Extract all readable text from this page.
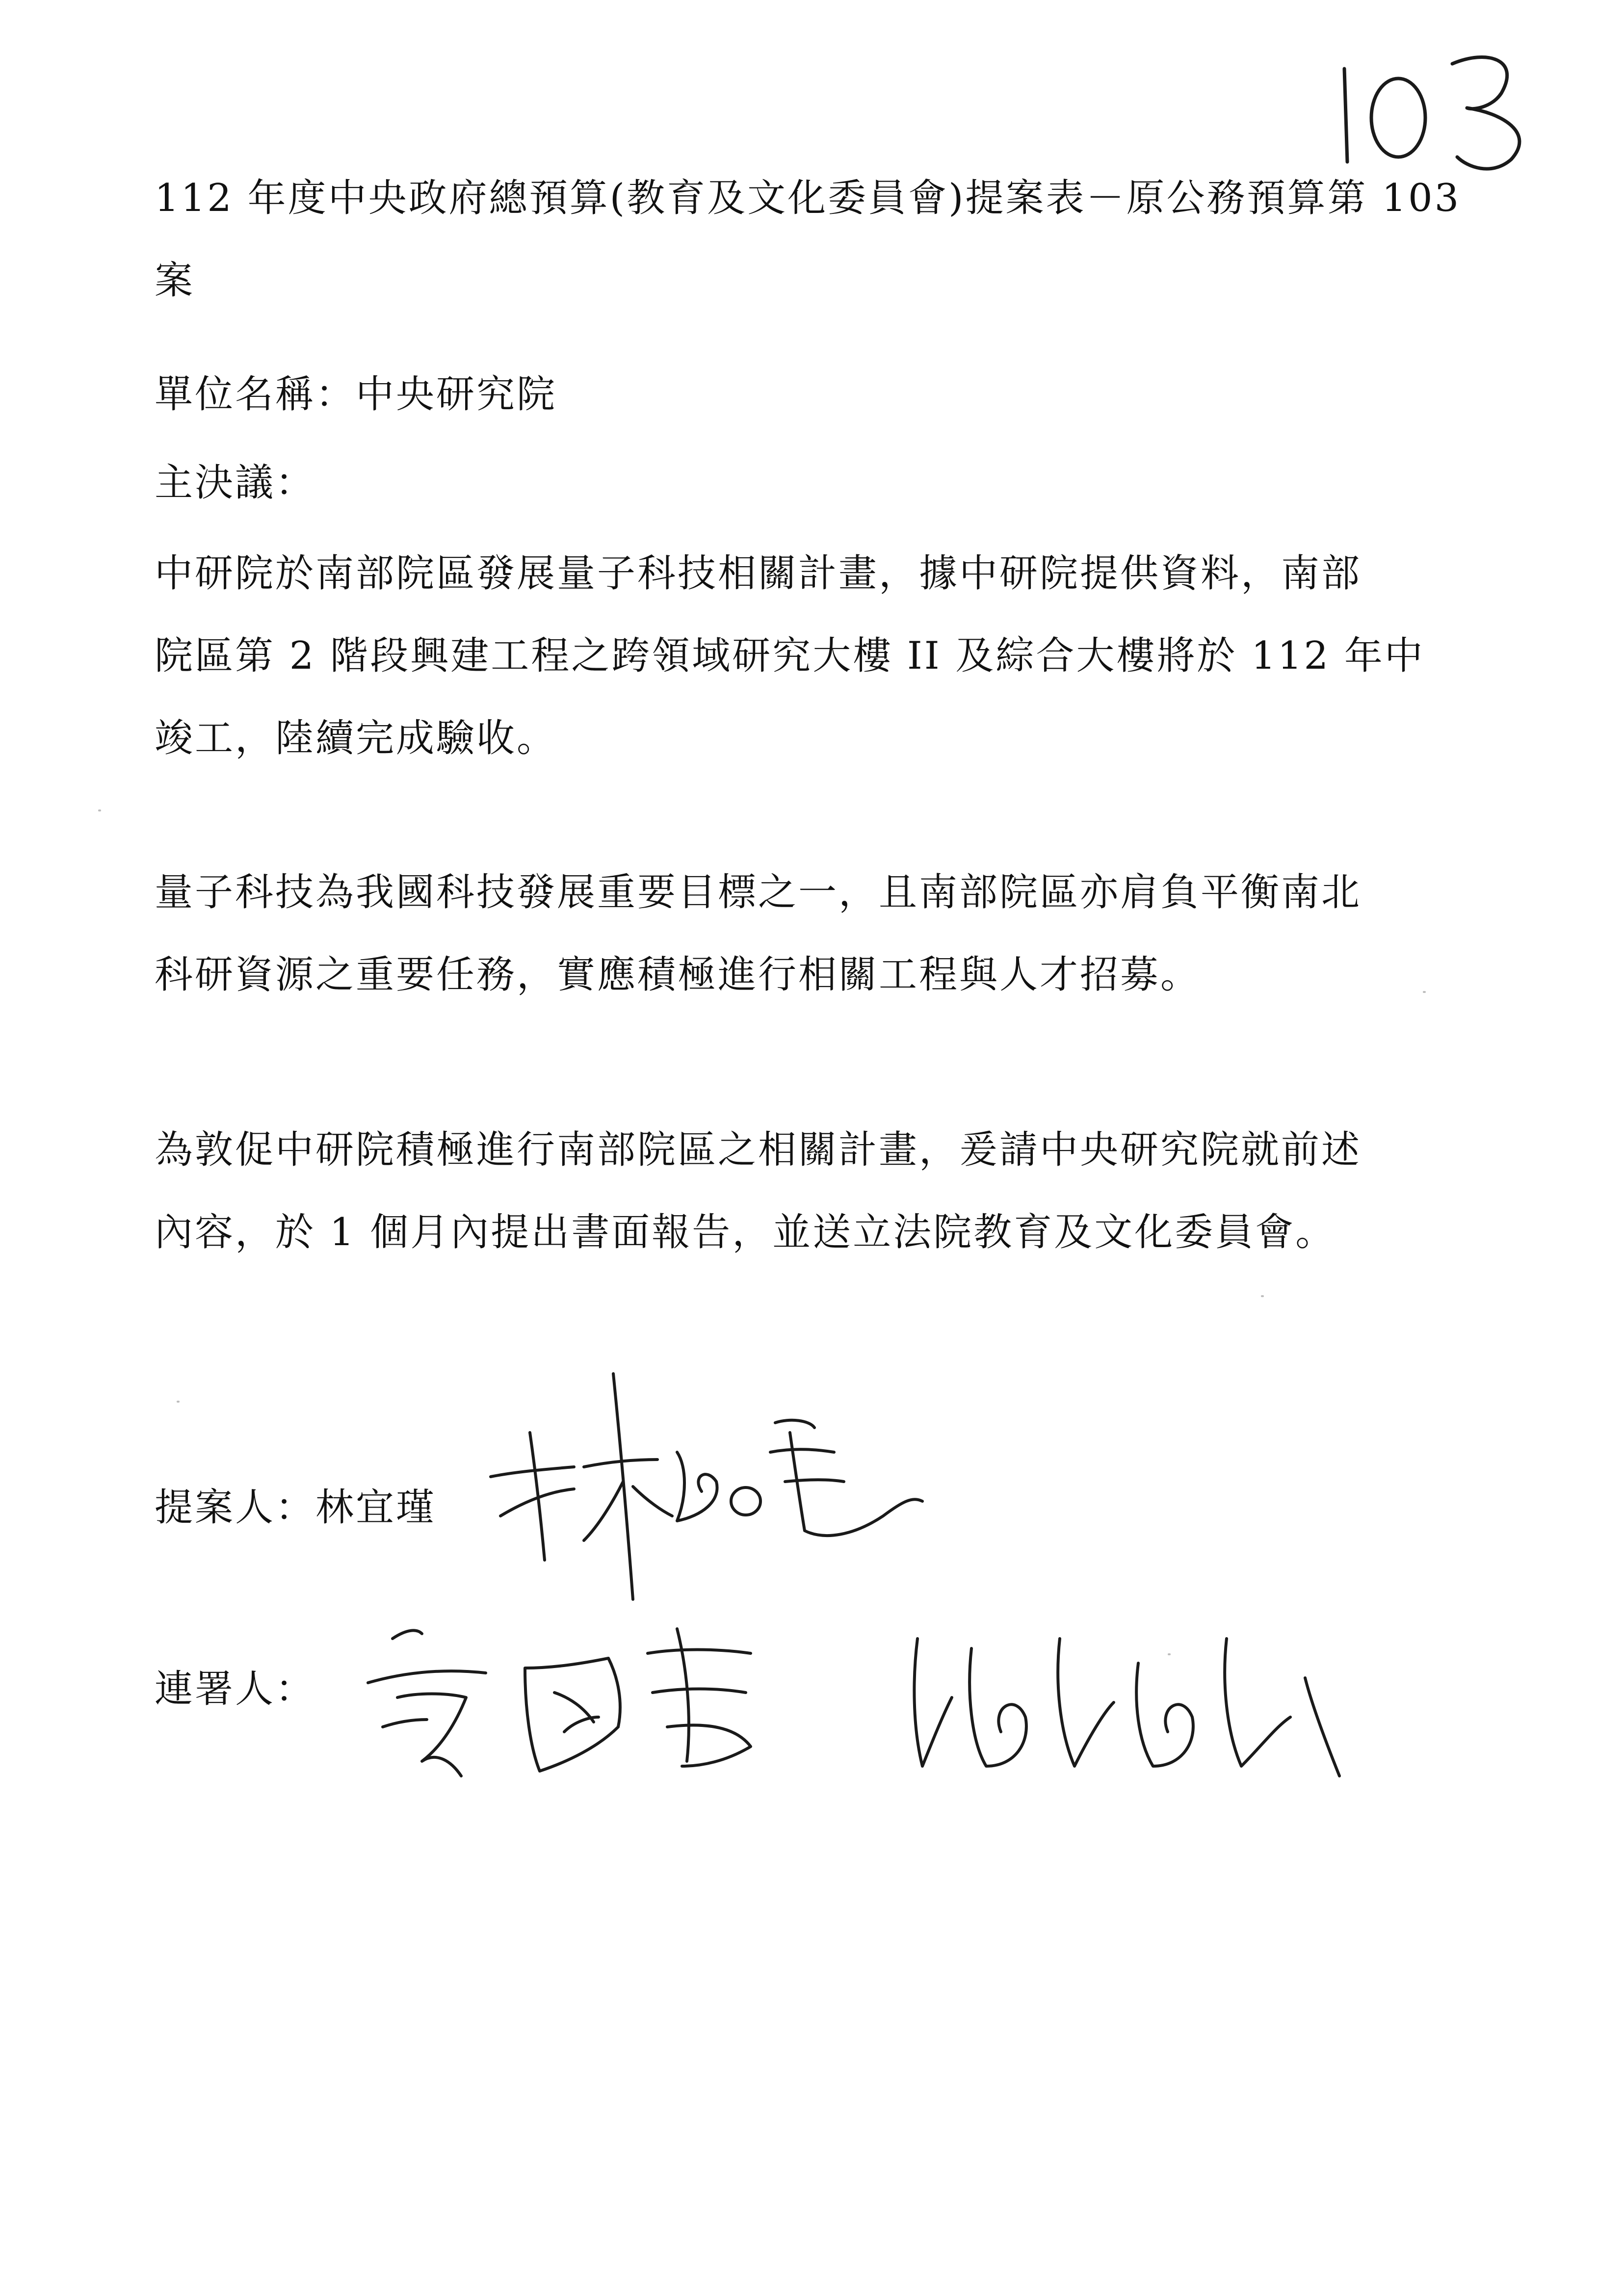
112 年度中央政府總預算(教育及文化委員會)提案表－原公務預算第 103
案
單位名稱：中央研究院
主決議：
中研院於南部院區發展量子科技相關計畫，據中研院提供資料，南部
院區第 2 階段興建工程之跨領域研究大樓 II 及綜合大樓將於 112 年中
竣工，陸續完成驗收。
量子科技為我國科技發展重要目標之一，且南部院區亦肩負平衡南北
科研資源之重要任務，實應積極進行相關工程與人才招募。
為敦促中研院積極進行南部院區之相關計畫，爰請中央研究院就前述
內容，於 1 個月內提出書面報告，並送立法院教育及文化委員會。
提案人：林宜瑾
連署人：
